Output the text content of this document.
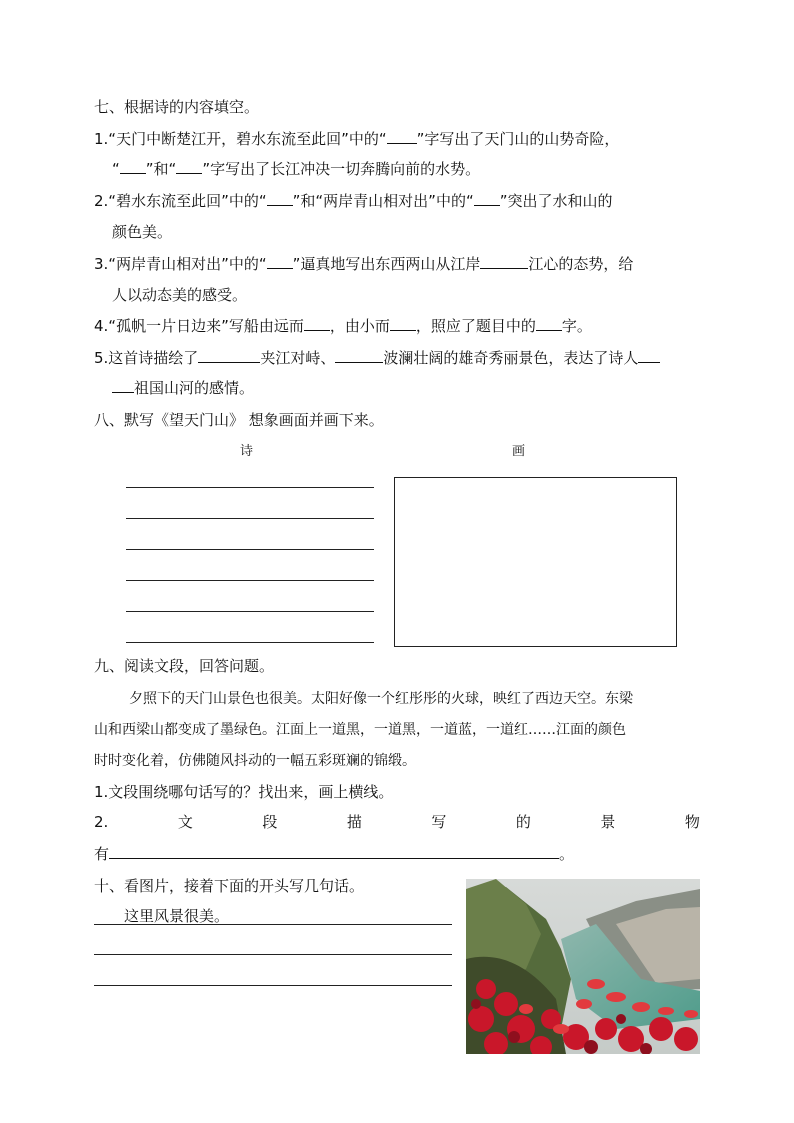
七、根据诗的内容填空。
1.“天门中断楚江开，碧水东流至此回”中的“ ”字写出了天门山的山势奇险，
“ ”和“ ”字写出了长江冲决一切奔腾向前的水势。
2.“碧水东流至此回”中的“ ”和“两岸青山相对出”中的“ ”突出了水和山的
颜色美。
3.“两岸青山相对出”中的“ ”逼真地写出东西两山从江岸	江心的态势，给
人以动态美的感受。
4.“孤帆一片日边来”写船由远而 ，由小而 ，照应了题目中的 字。
5.这首诗描绘了	夹江对峙、	波澜壮阔的雄奇秀丽景色，表达了诗人
祖国山河的感情。
八、默写《望天门山》 想象画面并画下来。
诗	画
九、阅读文段，回答问题。
夕照下的天门山景色也很美。太阳好像一个红彤彤的火球，映红了西边天空。东梁
山和西梁山都变成了墨绿色。江面上一道黑，一道黑，一道蓝，一道红……江面的颜色
时时变化着，仿佛随风抖动的一幅五彩斑斓的锦缎。
1.文段围绕哪句话写的？找出来，画上横线。
2.	文	段	描	写	的	景	物
有	。
十、看图片，接着下面的开头写几句话。
这里风景很美。
